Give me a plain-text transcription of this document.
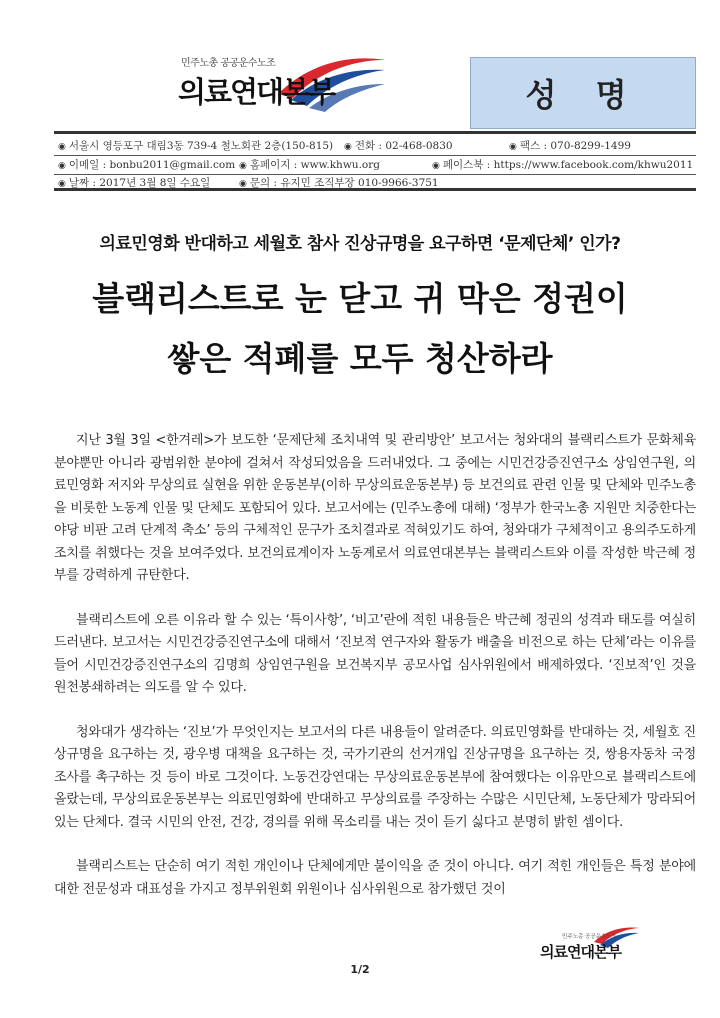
민주노총 공공운수노조
의료연대본부	성 명
◉ 서울시 영등포구 대림3동 739-4 철노회관 2층(150-815) ◉ 전화 : 02-468-0830	◉ 팩스 : 070-8299-1499
◉ 이메일 : bonbu2011@gmail.com ◉ 홈페이지 : www.khwu.org	◉ 페이스북 : https://www.facebook.com/khwu2011
◉ 날짜 : 2017년 3월 8일 수요일	◉ 문의 : 유지민 조직부장 010-9966-3751
의료민영화 반대하고 세월호 참사 진상규명을 요구하면 ‘문제단체’ 인가?
블랙리스트로 눈 닫고 귀 막은 정권이
쌓은 적폐를 모두 청산하라

지난 3월 3일 <한겨레>가 보도한 ‘문제단체 조치내역 및 관리방안’ 보고서는 청와대의 블랙리스트가 문화체육 분야뿐만 아니라 광범위한 분야에 걸쳐서 작성되었음을 드러내었다. 그 중에는 시민건강증진연구소 상임연구원, 의료민영화 저지와 무상의료 실현을 위한 운동본부(이하 무상의료운동본부) 등 보건의료 관련 인물 및 단체와 민주노총을 비롯한 노동계 인물 및 단체도 포함되어 있다. 보고서에는 (민주노총에 대해) ‘정부가 한국노총 지원만 치중한다는 야당 비판 고려 단계적 축소’ 등의 구체적인 문구가 조치결과로 적혀있기도 하여, 청와대가 구체적이고 용의주도하게 조치를 취했다는 것을 보여주었다. 보건의료계이자 노동계로서 의료연대본부는 블랙리스트와 이를 작성한 박근혜 정부를 강력하게 규탄한다.

블랙리스트에 오른 이유라 할 수 있는 ‘특이사항’, ‘비고’란에 적힌 내용들은 박근혜 정권의 성격과 태도를 여실히 드러낸다. 보고서는 시민건강증진연구소에 대해서 ‘진보적 연구자와 활동가 배출을 비전으로 하는 단체’라는 이유를 들어 시민건강증진연구소의 김명희 상임연구원을 보건복지부 공모사업 심사위원에서 배제하였다. ‘진보적’인 것을 원천봉쇄하려는 의도를 알 수 있다.

청와대가 생각하는 ‘진보’가 무엇인지는 보고서의 다른 내용들이 알려준다. 의료민영화를 반대하는 것, 세월호 진상규명을 요구하는 것, 광우병 대책을 요구하는 것, 국가기관의 선거개입 진상규명을 요구하는 것, 쌍용자동차 국정조사를 촉구하는 것 등이 바로 그것이다. 노동건강연대는 무상의료운동본부에 참여했다는 이유만으로 블랙리스트에 올랐는데, 무상의료운동본부는 의료민영화에 반대하고 무상의료를 주장하는 수많은 시민단체, 노동단체가 망라되어 있는 단체다. 결국 시민의 안전, 건강, 경의를 위해 목소리를 내는 것이 듣기 싫다고 분명히 밝힌 셈이다.

블랙리스트는 단순히 여기 적힌 개인이나 단체에게만 불이익을 준 것이 아니다. 여기 적힌 개인들은 특정 분야에 대한 전문성과 대표성을 가지고 정부위원회 위원이나 심사위원으로 참가했던 것이

민주노총 공공운수노조
의료연대본부
1/2
